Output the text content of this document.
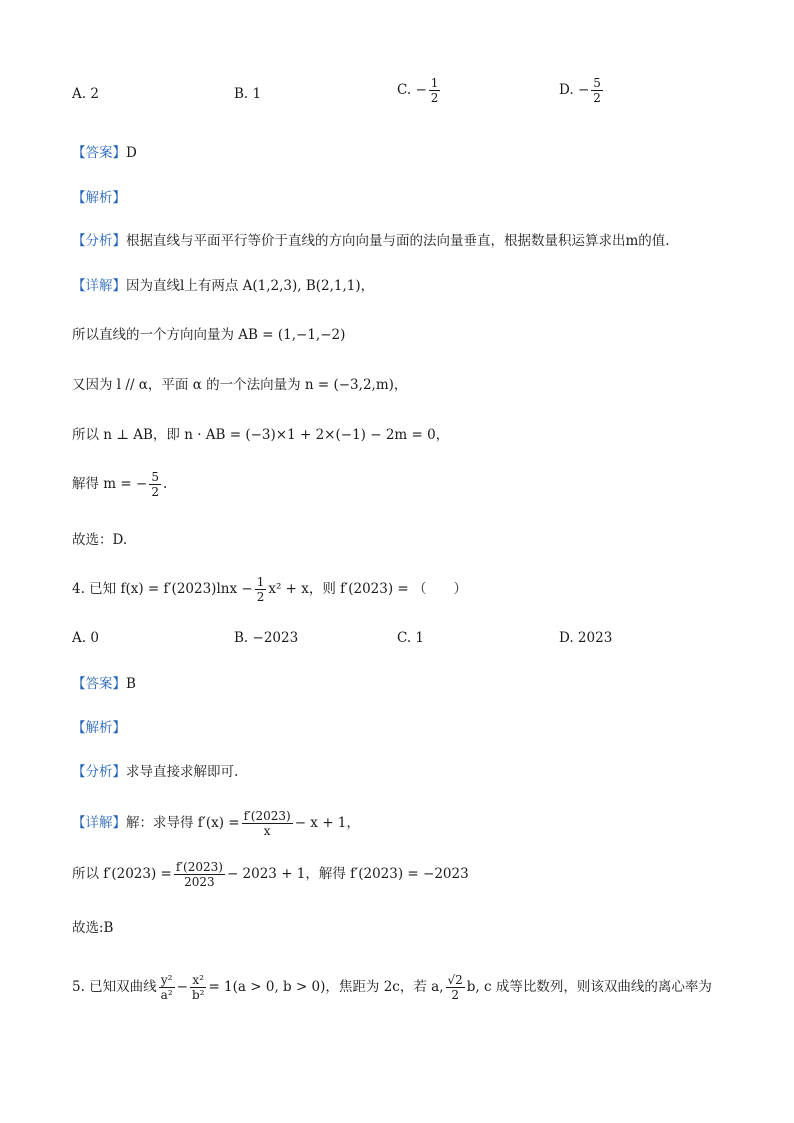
A. 2	B. 1	C. − $\frac{1}{2}$	D. − $\frac{5}{2}$
【答案】D
【解析】
【分析】根据直线与平面平行等价于直线的方向向量与面的法向量垂直，根据数量积运算求出m的值.
【详解】因为直线l上有两点 A(1,2,3), B(2,1,1)，
所以直线的一个方向向量为 AB = (1,−1,−2)
又因为 l // α，平面 α 的一个法向量为 n = (−3,2,m)，
所以 n ⊥ AB，即 n · AB = (−3)×1 + 2×(−1) − 2m = 0，
解得 m = − $\frac{5}{2}$ .
故选：D.
4. 已知 $f(x) = f'(2023)\ln x - \frac{1}{2} x^2 + x$，则 f′(2023) = （　　）
A. 0	B. −2023	C. 1	D. 2023
【答案】B
【解析】
【分析】求导直接求解即可.
【详解】解：求导得 $f'(x) = \frac{f'(2023)}{x} - x + 1$，
所以 $f'(2023) = \frac{f'(2023)}{2023} - 2023 + 1$，解得 f′(2023) = −2023
故选:B
5. 已知双曲线 $\frac{\text{y²}}{\text{a²}} - \frac{\text{x²}}{\text{b²}} = 1(a > 0$, b > 0)，焦距为 2c，若 a, $\frac{√2}{2} b$, c 成等比数列，则该双曲线的离心率为
